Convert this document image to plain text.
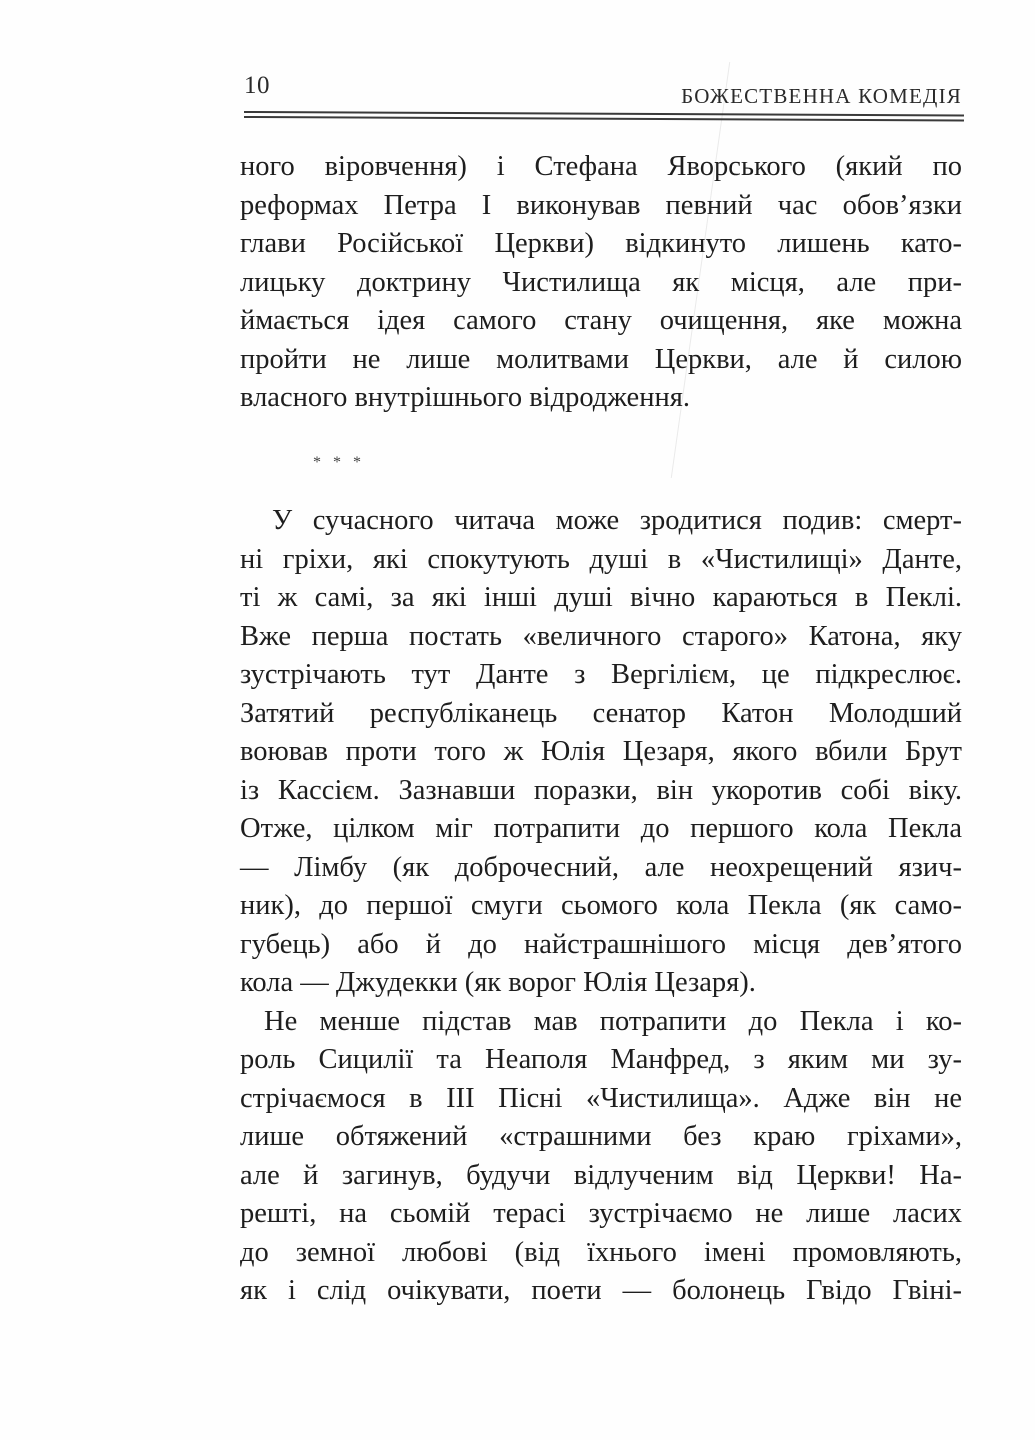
10	БОЖЕСТВЕННА КОМЕДІЯ
ного віровчення) і Стефана Яворського (який по
реформах Петра І виконував певний час обов’язки
глави Російської Церкви) відкинуто лишень като-
лицьку доктрину Чистилища як місця, але при-
ймається ідея самого стану очищення, яке можна
пройти не лише молитвами Церкви, але й силою
власного внутрішнього відродження.
* * *
У сучасного читача може зродитися подив: смерт-
ні гріхи, які спокутують душі в «Чистилищі» Данте,
ті ж самі, за які інші душі вічно караються в Пеклі.
Вже перша постать «величного старого» Катона, яку
зустрічають тут Данте з Вергілієм, це підкреслює.
Затятий республіканець сенатор Катон Молодший
воював проти того ж Юлія Цезаря, якого вбили Брут
із Кассієм. Зазнавши поразки, він укоротив собі віку.
Отже, цілком міг потрапити до першого кола Пекла
— Лімбу (як доброчесний, але неохрещений язич-
ник), до першої смуги сьомого кола Пекла (як само-
губець) або й до найстрашнішого місця дев’ятого
кола — Джудекки (як ворог Юлія Цезаря).
Не менше підстав мав потрапити до Пекла і ко-
роль Сицилії та Неаполя Манфред, з яким ми зу-
стрічаємося в ІІІ Пісні «Чистилища». Адже він не
лише обтяжений «страшними без краю гріхами»,
але й загинув, будучи відлученим від Церкви! На-
решті, на сьомій терасі зустрічаємо не лише ласих
до земної любові (від їхнього імені промовляють,
як і слід очікувати, поети — болонець Гвідо Гвіні-
